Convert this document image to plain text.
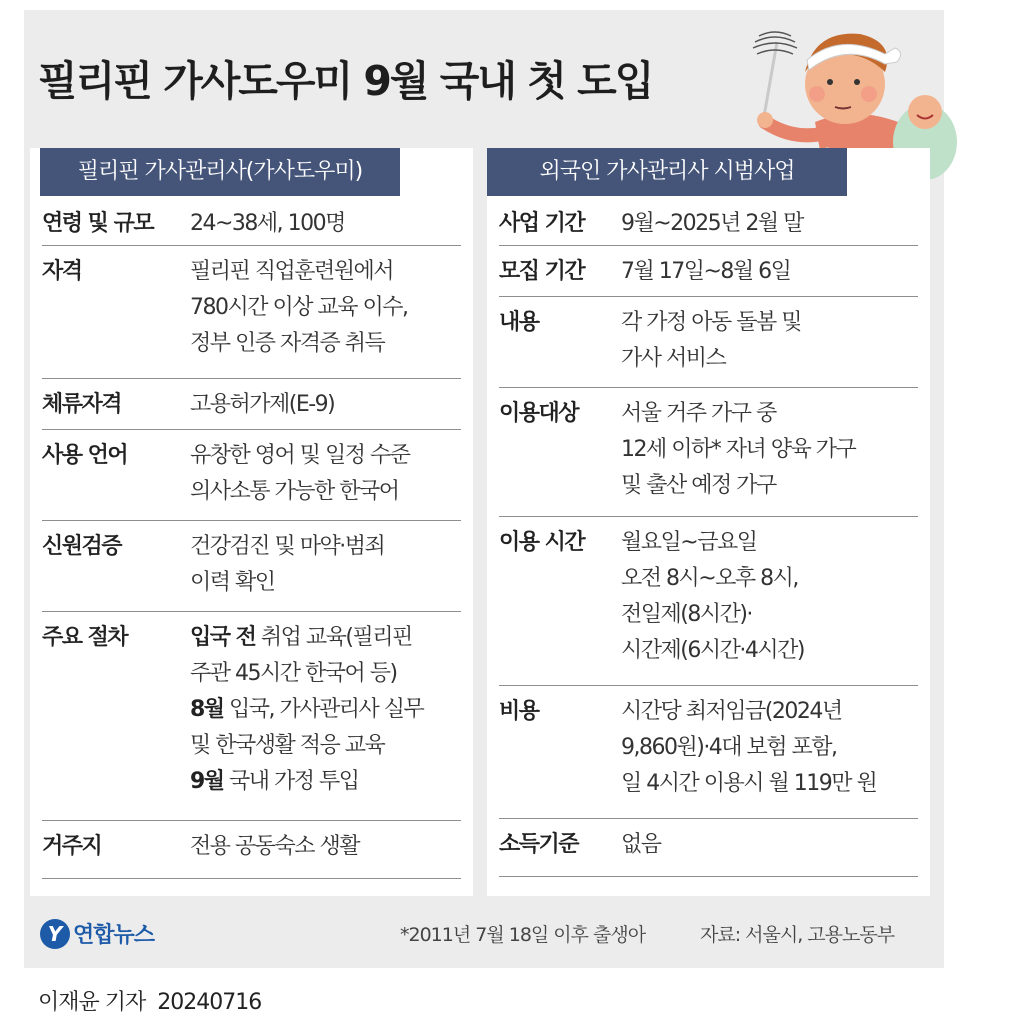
필리핀 가사도우미 9월 국내 첫 도입
필리핀 가사관리사(가사도우미)
연령 및 규모 24~38세, 100명
자격	필리핀 직업훈련원에서
780시간 이상 교육 이수,
정부 인증 자격증 취득
체류자격	고용허가제(E-9)
사용 언어	유창한 영어 및 일정 수준
의사소통 가능한 한국어
신원검증	건강검진 및 마약·범죄
이력 확인
주요 절차	입국 전 취업 교육(필리핀
주관 45시간 한국어 등)
8월 입국, 가사관리사 실무
및 한국생활 적응 교육
9월 국내 가정 투입
거주지	전용 공동숙소 생활
외국인 가사관리사 시범사업
사업 기간 9월~2025년 2월 말
모집 기간 7월 17일~8월 6일
내용	각 가정 아동 돌봄 및
가사 서비스
이용대상 서울 거주 가구 중
12세 이하* 자녀 양육 가구
및 출산 예정 가구
이용 시간 월요일~금요일
오전 8시~오후 8시,
전일제(8시간)·
시간제(6시간·4시간)
비용	시간당 최저임금(2024년
9,860원)·4대 보험 포함,
일 4시간 이용시 월 119만 원
소득기준 없음
Y 연합뉴스	*2011년 7월 18일 이후 출생아	자료: 서울시, 고용노동부
이재윤 기자 20240716
